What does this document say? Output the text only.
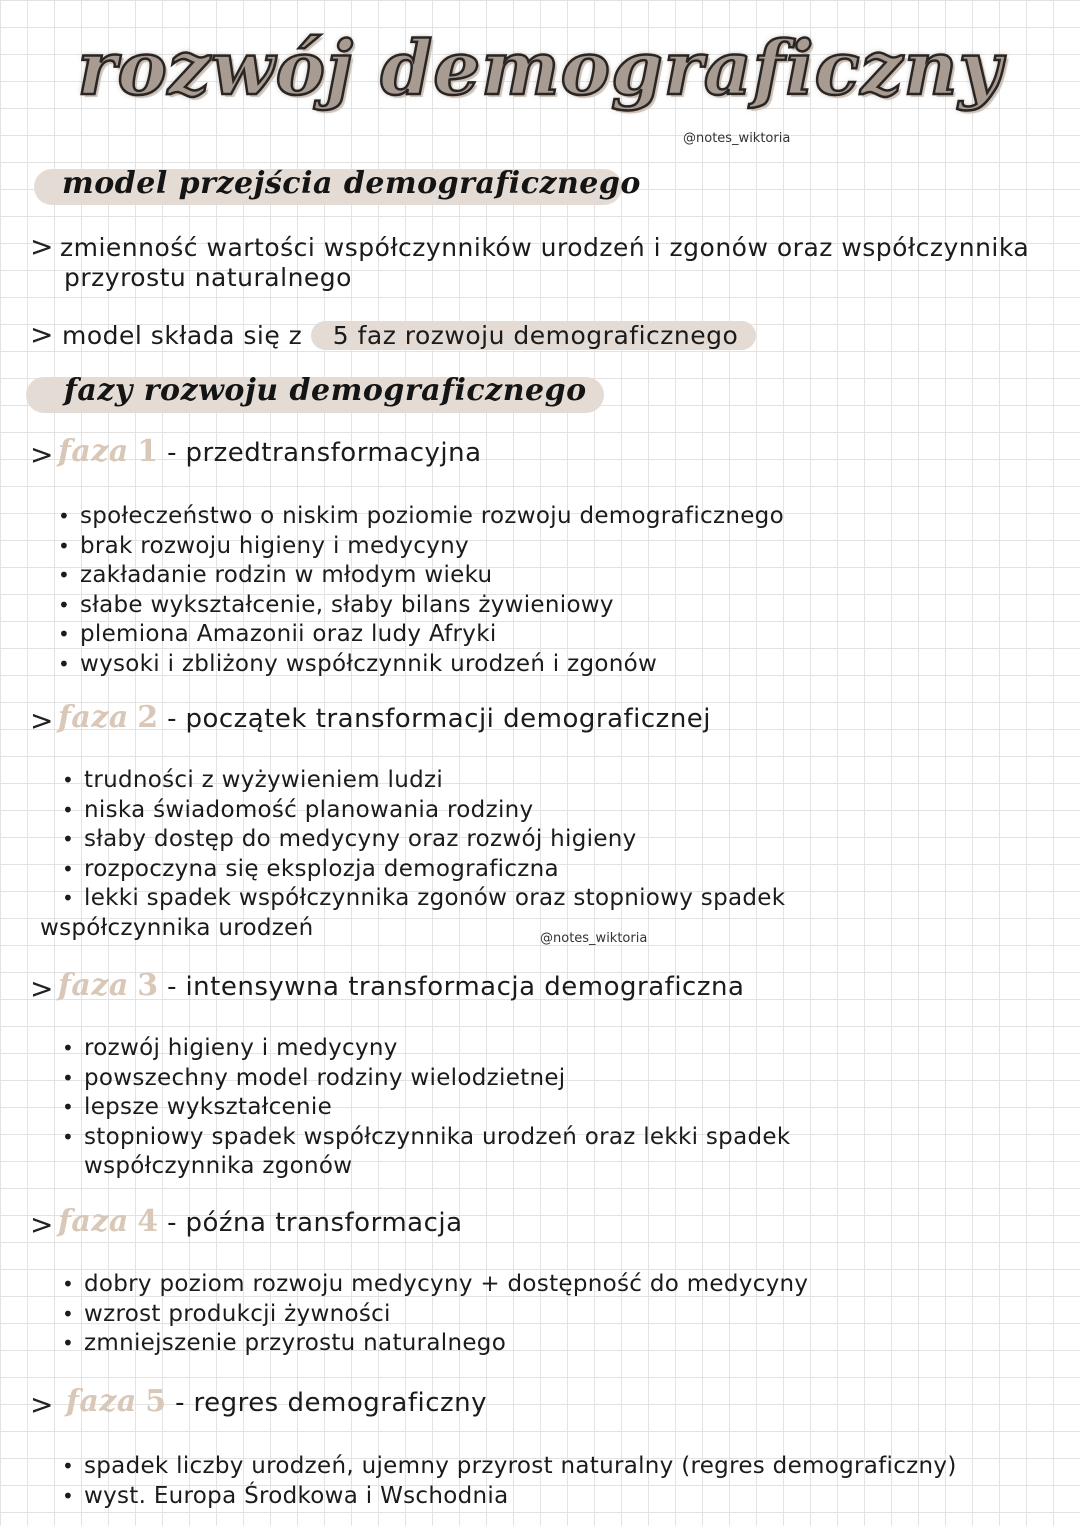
rozwój demograficzny
@notes_wiktoria
model przejścia demograficznego
> zmienność wartości współczynników urodzeń i zgonów oraz współczynnika
przyrostu naturalnego
> model składa się z 5 faz rozwoju demograficznego
fazy rozwoju demograficznego
> faza 1 - przedtransformacyjna
• społeczeństwo o niskim poziomie rozwoju demograficznego
• brak rozwoju higieny i medycyny
• zakładanie rodzin w młodym wieku
• słabe wykształcenie, słaby bilans żywieniowy
• plemiona Amazonii oraz ludy Afryki
• wysoki i zbliżony współczynnik urodzeń i zgonów
> faza 2 - początek transformacji demograficznej
• trudności z wyżywieniem ludzi
• niska świadomość planowania rodziny
• słaby dostęp do medycyny oraz rozwój higieny
• rozpoczyna się eksplozja demograficzna
• lekki spadek współczynnika zgonów oraz stopniowy spadek
współczynnika urodzeń	@notes_wiktoria
> faza 3 - intensywna transformacja demograficzna
• rozwój higieny i medycyny
• powszechny model rodziny wielodzietnej
• lepsze wykształcenie
• stopniowy spadek współczynnika urodzeń oraz lekki spadek
współczynnika zgonów
> faza 4 - późna transformacja
• dobry poziom rozwoju medycyny + dostępność do medycyny
• wzrost produkcji żywności
• zmniejszenie przyrostu naturalnego
> faza 5 - regres demograficzny
• spadek liczby urodzeń, ujemny przyrost naturalny (regres demograficzny)
• wyst. Europa Środkowa i Wschodnia
